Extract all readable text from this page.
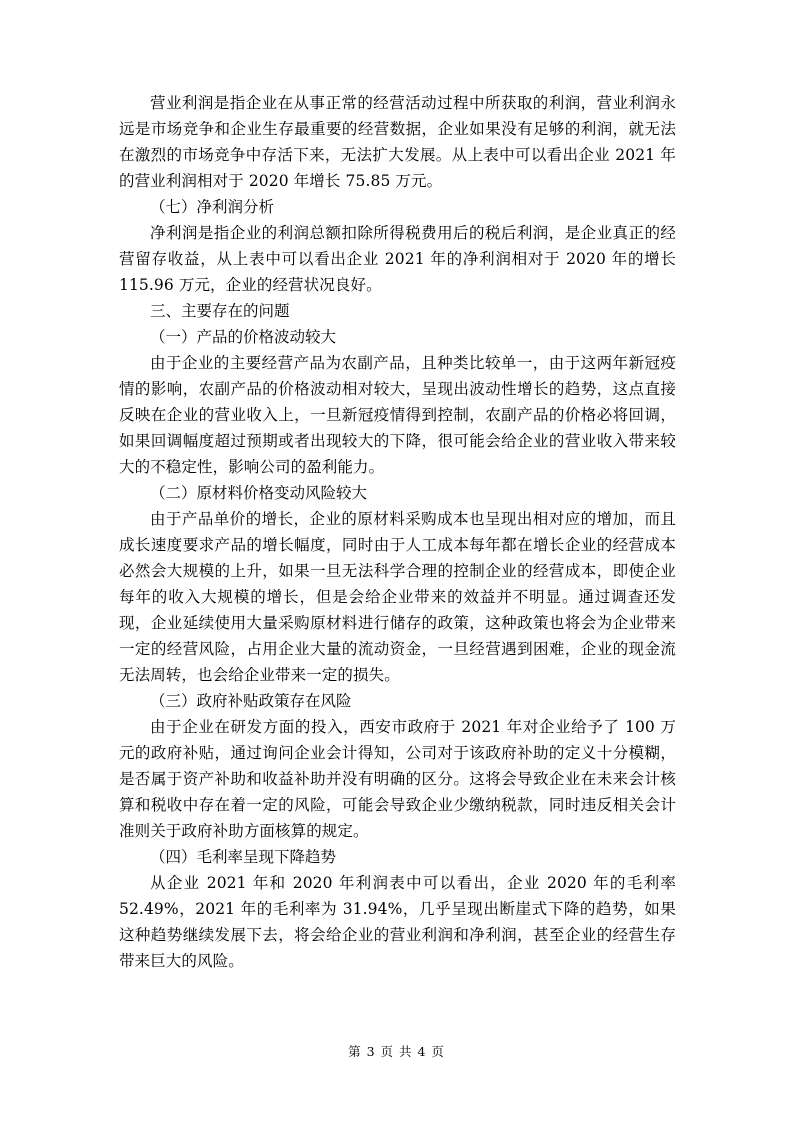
营业利润是指企业在从事正常的经营活动过程中所获取的利润，营业利润永远是市场竞争和企业生存最重要的经营数据，企业如果没有足够的利润，就无法在激烈的市场竞争中存活下来，无法扩大发展。从上表中可以看出企业 2021 年的营业利润相对于 2020 年增长 75.85 万元。

（七）净利润分析

净利润是指企业的利润总额扣除所得税费用后的税后利润，是企业真正的经营留存收益，从上表中可以看出企业 2021 年的净利润相对于 2020 年的增长 115.96 万元，企业的经营状况良好。

三、主要存在的问题

（一）产品的价格波动较大

由于企业的主要经营产品为农副产品，且种类比较单一，由于这两年新冠疫情的影响，农副产品的价格波动相对较大，呈现出波动性增长的趋势，这点直接反映在企业的营业收入上，一旦新冠疫情得到控制，农副产品的价格必将回调，如果回调幅度超过预期或者出现较大的下降，很可能会给企业的营业收入带来较大的不稳定性，影响公司的盈利能力。

（二）原材料价格变动风险较大

由于产品单价的增长，企业的原材料采购成本也呈现出相对应的增加，而且成长速度要求产品的增长幅度，同时由于人工成本每年都在增长企业的经营成本必然会大规模的上升，如果一旦无法科学合理的控制企业的经营成本，即使企业每年的收入大规模的增长，但是会给企业带来的效益并不明显。通过调查还发现，企业延续使用大量采购原材料进行储存的政策，这种政策也将会为企业带来一定的经营风险，占用企业大量的流动资金，一旦经营遇到困难，企业的现金流无法周转，也会给企业带来一定的损失。

（三）政府补贴政策存在风险

由于企业在研发方面的投入，西安市政府于 2021 年对企业给予了 100 万元的政府补贴，通过询问企业会计得知，公司对于该政府补助的定义十分模糊，是否属于资产补助和收益补助并没有明确的区分。这将会导致企业在未来会计核算和税收中存在着一定的风险，可能会导致企业少缴纳税款，同时违反相关会计准则关于政府补助方面核算的规定。

（四）毛利率呈现下降趋势

从企业 2021 年和 2020 年利润表中可以看出，企业 2020 年的毛利率 52.49%，2021 年的毛利率为 31.94%，几乎呈现出断崖式下降的趋势，如果这种趋势继续发展下去，将会给企业的营业利润和净利润，甚至企业的经营生存带来巨大的风险。

第 3 页 共 4 页
